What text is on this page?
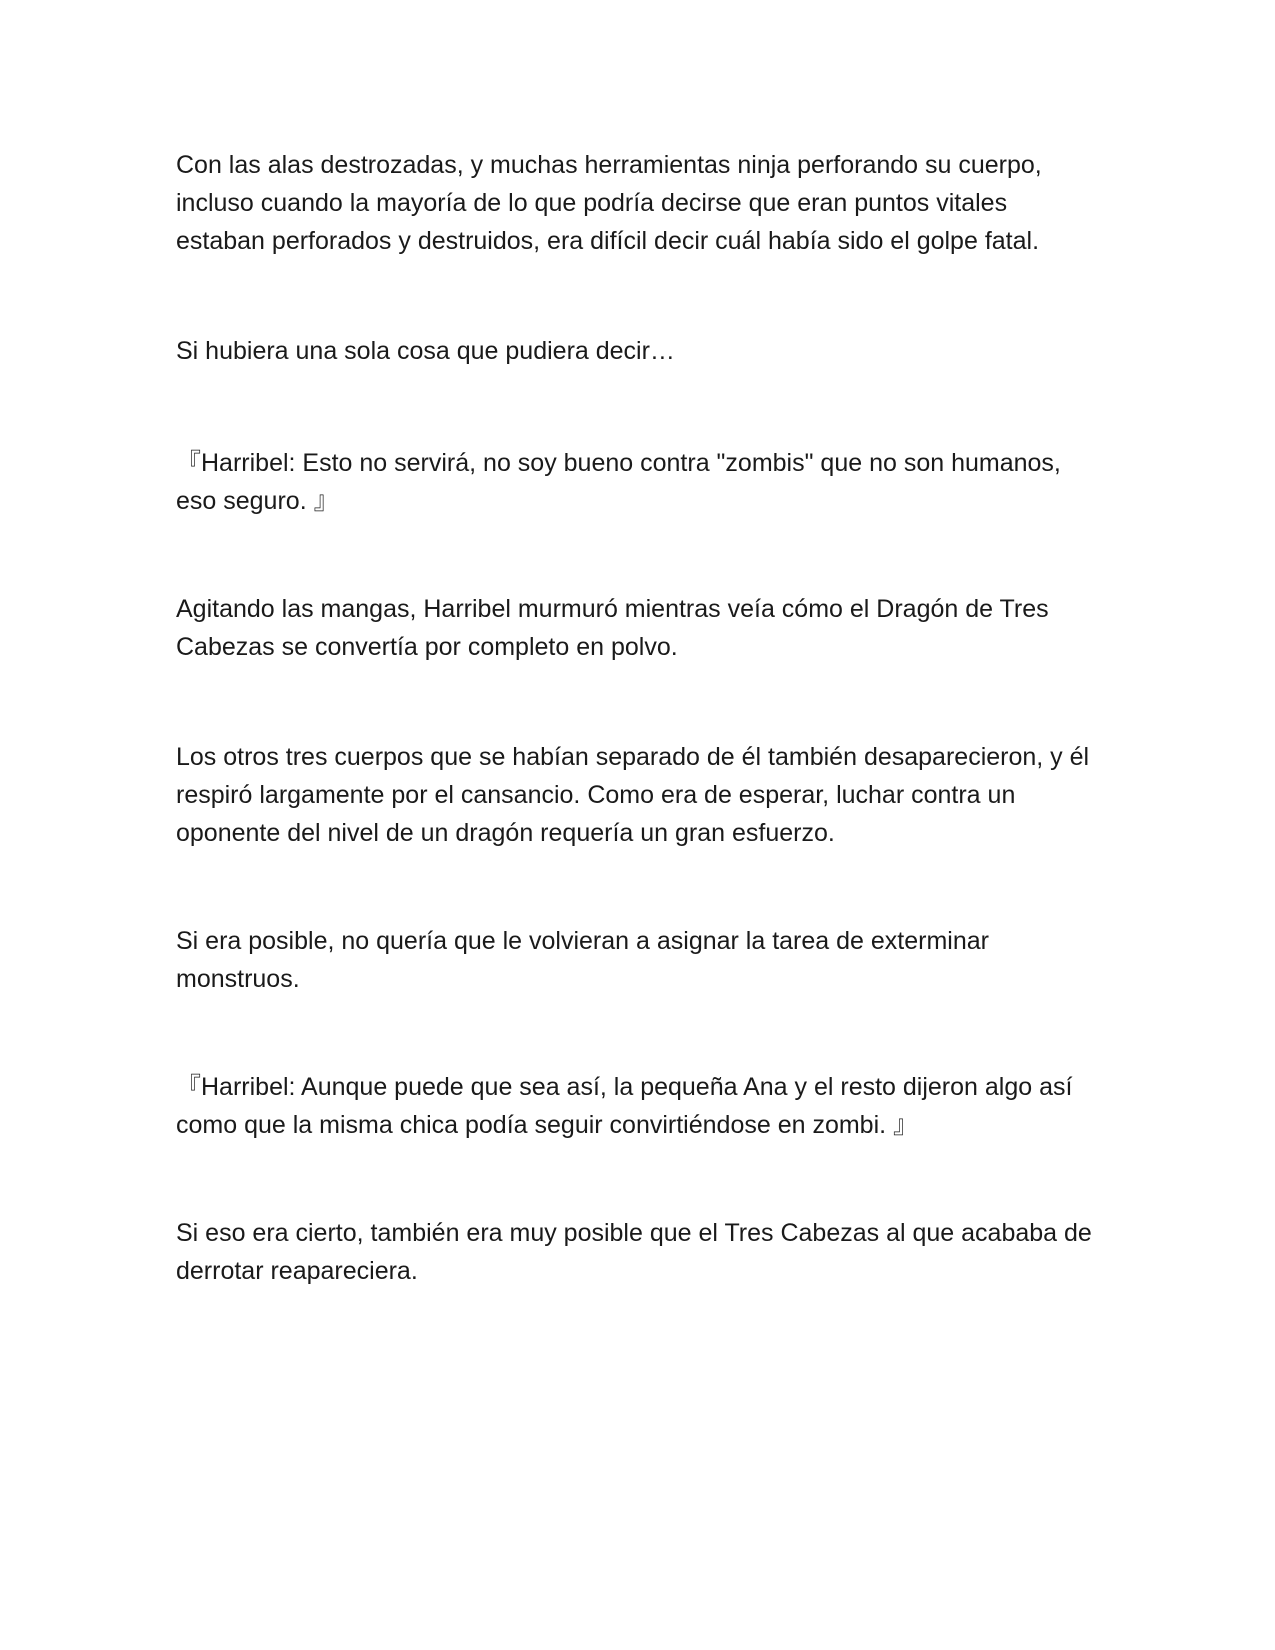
Con las alas destrozadas, y muchas herramientas ninja perforando su cuerpo, incluso cuando la mayoría de lo que podría decirse que eran puntos vitales estaban perforados y destruidos, era difícil decir cuál había sido el golpe fatal.

Si hubiera una sola cosa que pudiera decir…

『Harribel: Esto no servirá, no soy bueno contra "zombis" que no son humanos, eso seguro. 』

Agitando las mangas, Harribel murmuró mientras veía cómo el Dragón de Tres Cabezas se convertía por completo en polvo.

Los otros tres cuerpos que se habían separado de él también desaparecieron, y él respiró largamente por el cansancio. Como era de esperar, luchar contra un oponente del nivel de un dragón requería un gran esfuerzo.

Si era posible, no quería que le volvieran a asignar la tarea de exterminar monstruos.

『Harribel: Aunque puede que sea así, la pequeña Ana y el resto dijeron algo así como que la misma chica podía seguir convirtiéndose en zombi. 』

Si eso era cierto, también era muy posible que el Tres Cabezas al que acababa de derrotar reapareciera.
